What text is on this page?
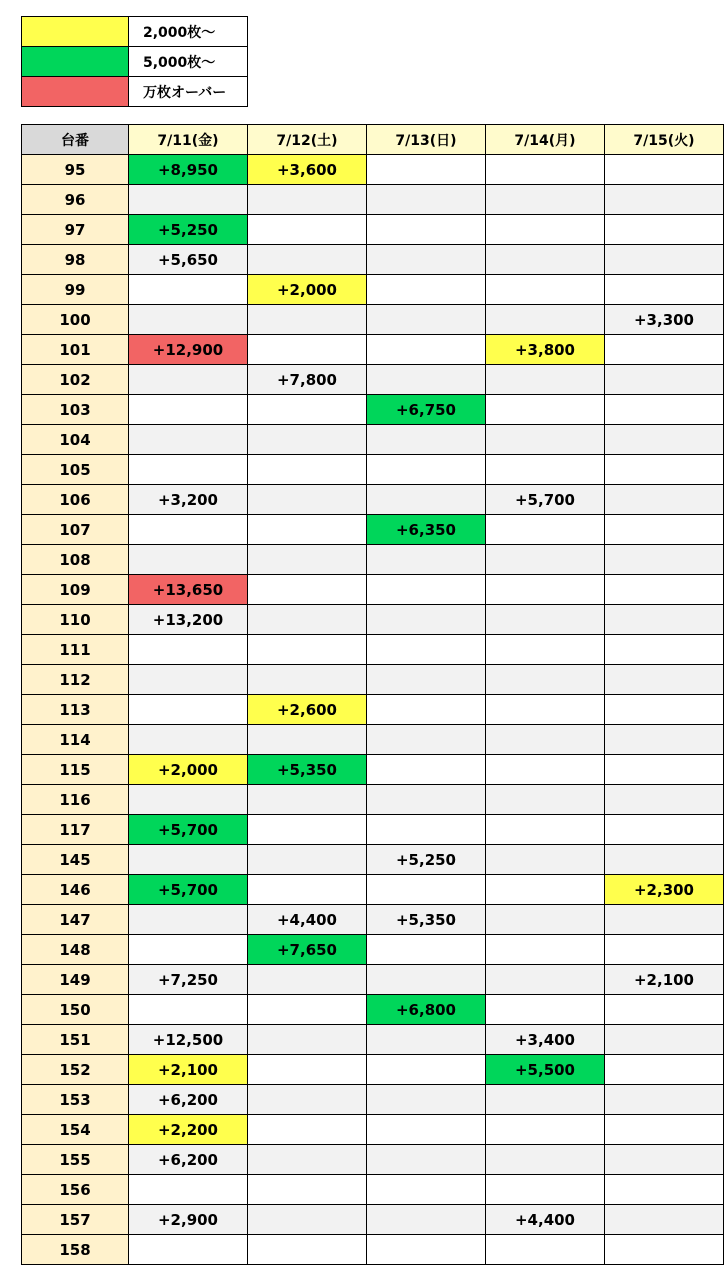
	2,000枚～
	5,000枚～
	万枚オーバー
台番	7/11(金)	7/12(土)	7/13(日)	7/14(月)	7/15(火)
95	+8,950	+3,600			
96					
97	+5,250				
98	+5,650				
99		+2,000			
100					+3,300
101	+12,900			+3,800	
102		+7,800			
103			+6,750		
104					
105					
106	+3,200			+5,700	
107			+6,350		
108					
109	+13,650				
110	+13,200				
111					
112					
113		+2,600			
114					
115	+2,000	+5,350			
116					
117	+5,700				
145			+5,250		
146	+5,700				+2,300
147		+4,400	+5,350		
148		+7,650			
149	+7,250				+2,100
150			+6,800		
151	+12,500			+3,400	
152	+2,100			+5,500	
153	+6,200				
154	+2,200				
155	+6,200				
156					
157	+2,900			+4,400	
158					
